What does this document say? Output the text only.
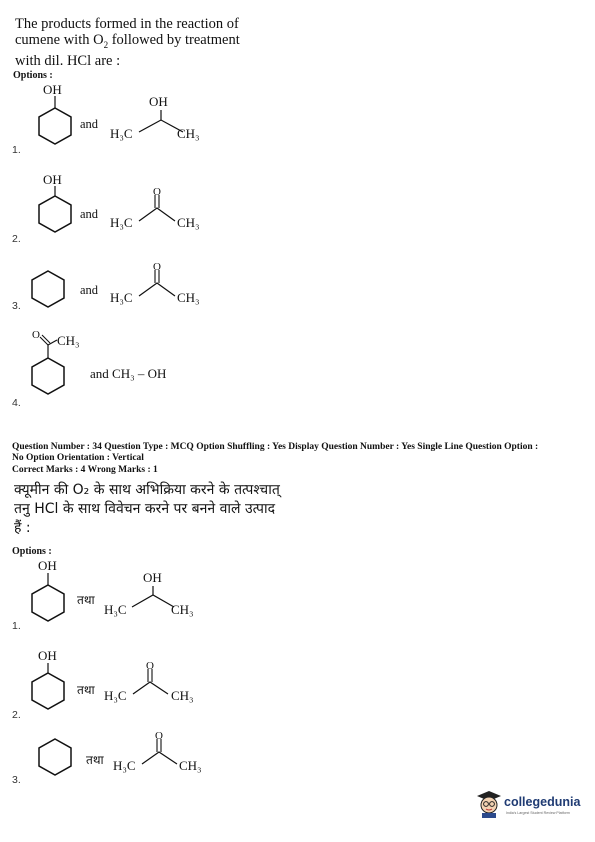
The products formed in the reaction of
cumene with $O_2$ followed by treatment
with dil. HCl are :
Options :
OH
and
OH
H₃C	CH₃
OH
and
O
H₃C	CH₃
and
O
H₃C	CH₃
O CH₃
and CH₃ – OH
OH
तथा
OH
H₃C	CH₃
OH
तथा
O
H₃C	CH₃
तथा
O
H₃C	CH₃
1.
2.
3.
4.
Question Number : 34 Question Type : MCQ Option Shuffling : Yes Display Question Number : Yes Single Line Question Option :
No Option Orientation : Vertical
Correct Marks : 4 Wrong Marks : 1
क्यूमीन की O₂ के साथ अभिक्रिया करने के तत्पश्चात्
तनु HCl के साथ विवेचन करने पर बनने वाले उत्पाद
हैं :
Options :
1.
2.
3.
collegedunia
India's Largest Student Review Platform
